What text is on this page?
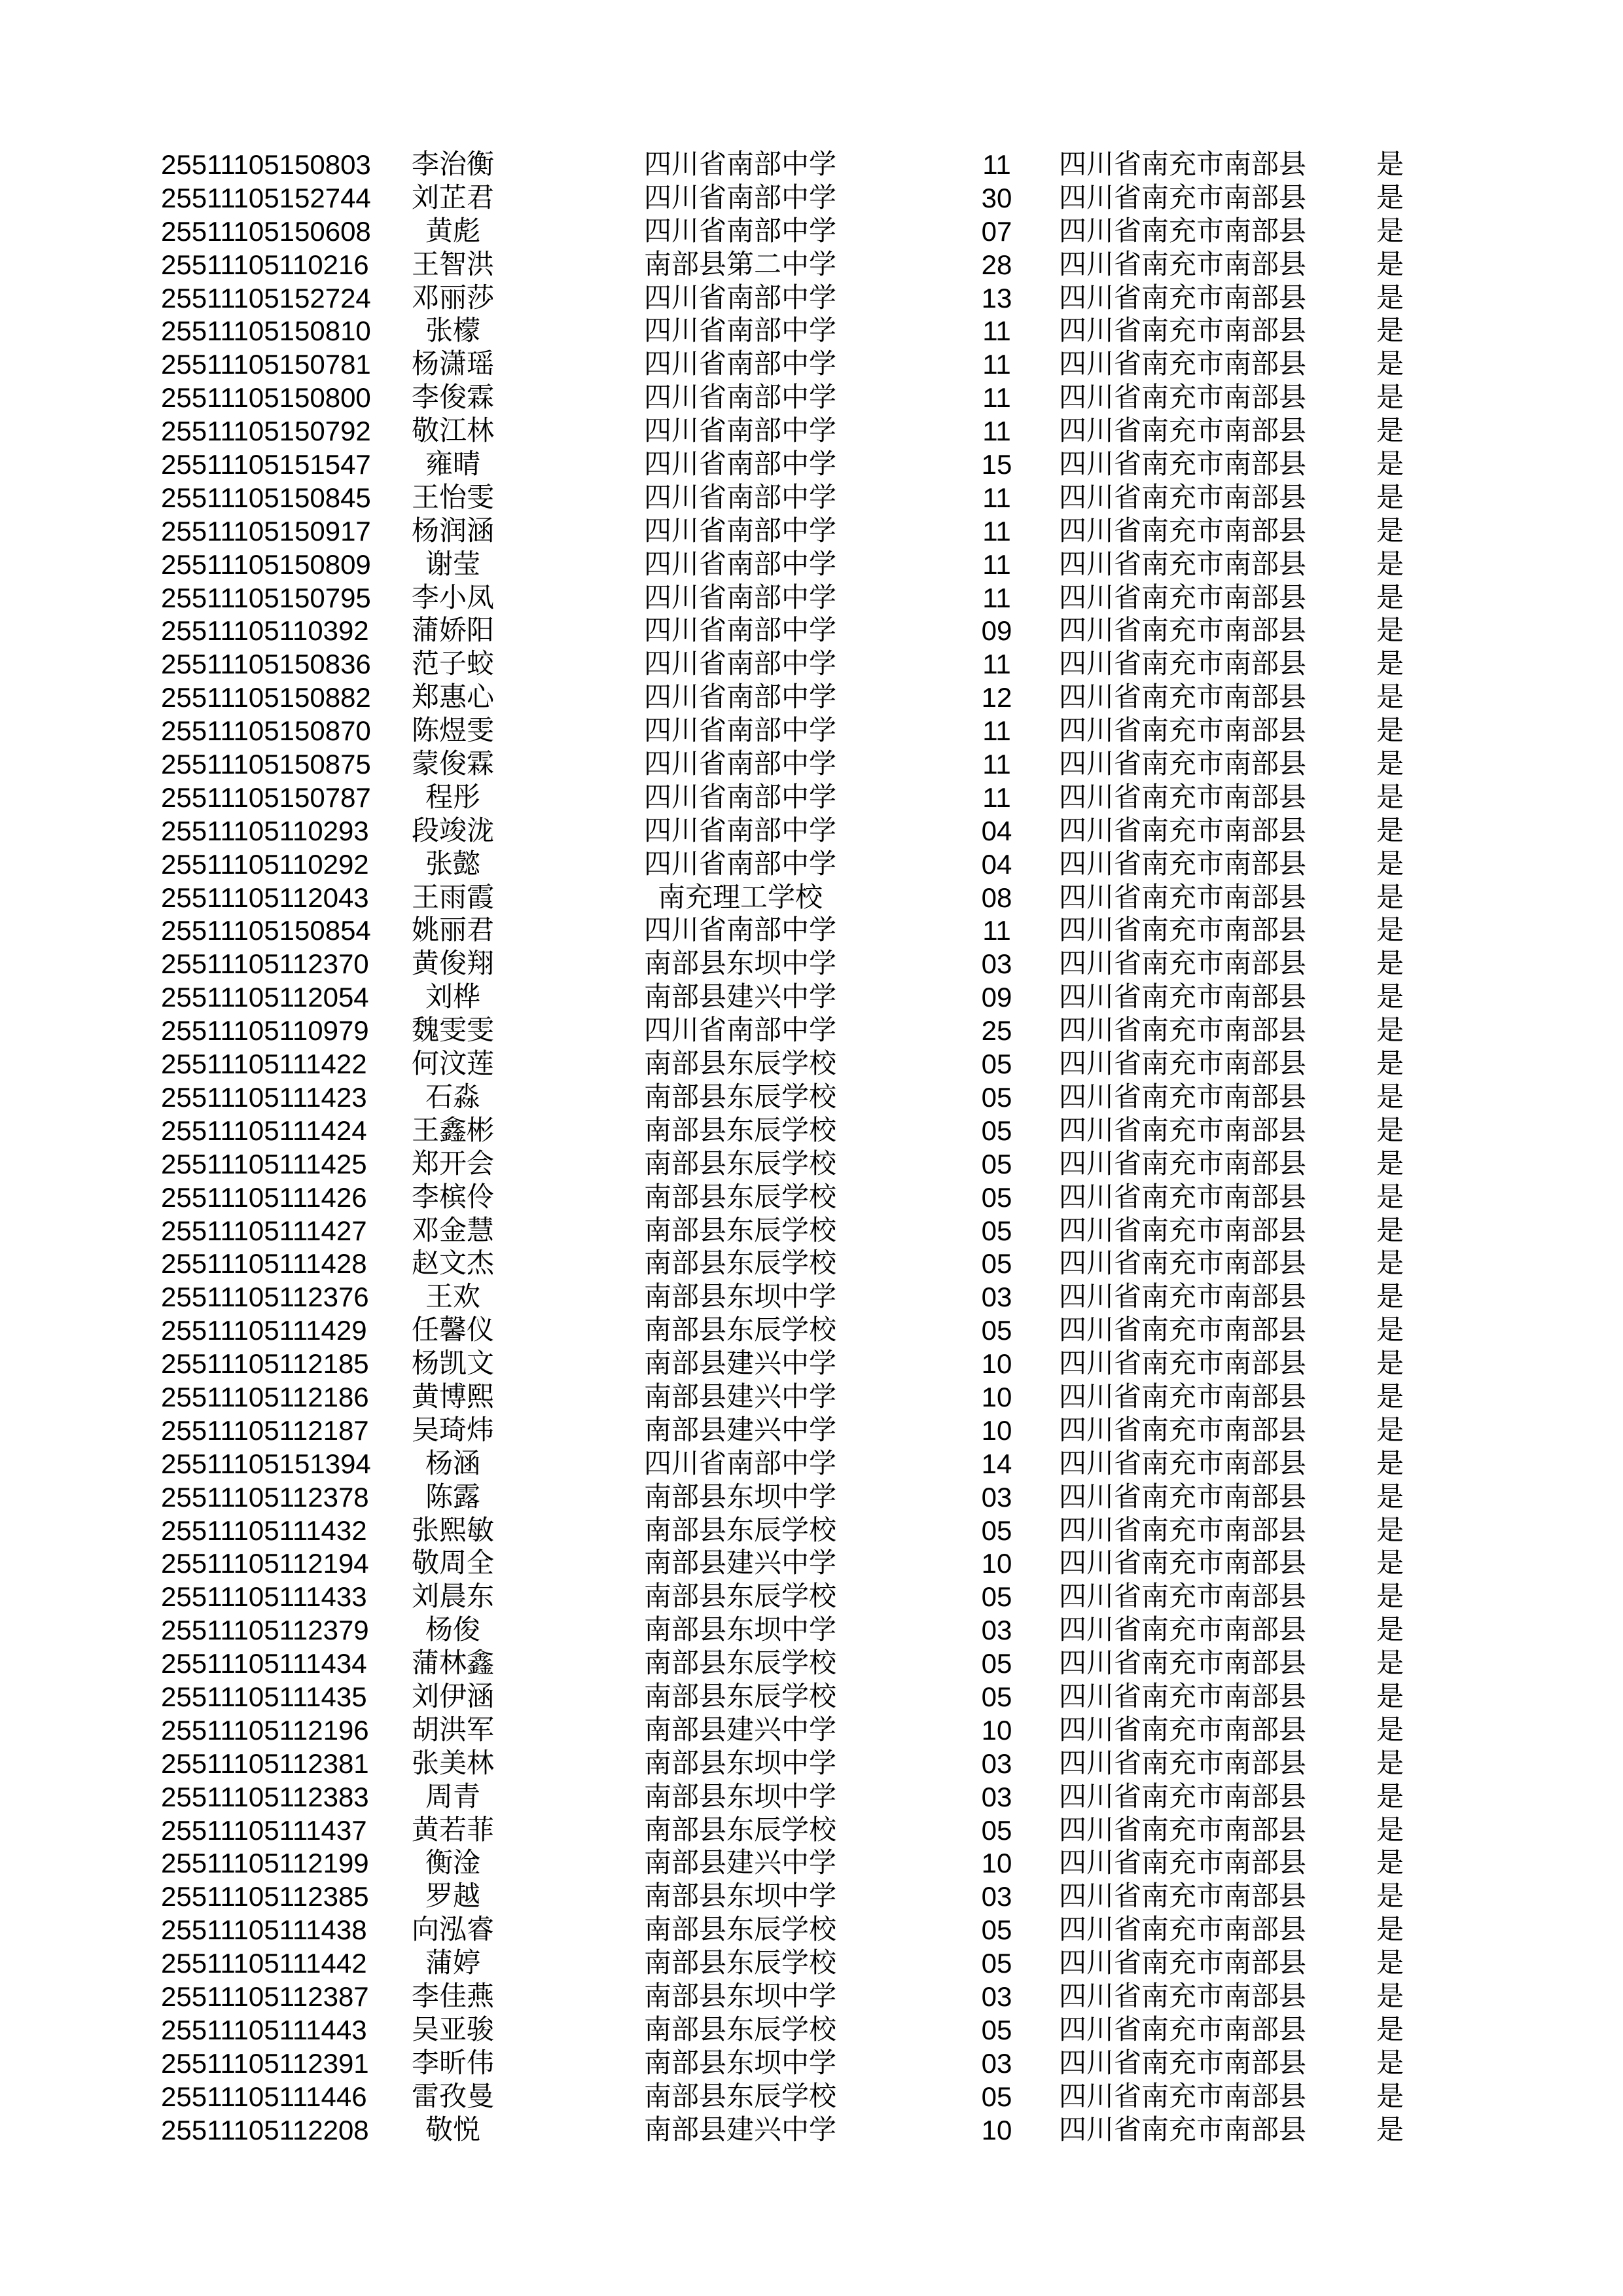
25511105150803	李治衡	四川省南部中学	11	四川省南充市南部县	是
25511105152744	刘芷君	四川省南部中学	30	四川省南充市南部县	是
25511105150608	黄彪	四川省南部中学	07	四川省南充市南部县	是
25511105110216	王智洪	南部县第二中学	28	四川省南充市南部县	是
25511105152724	邓丽莎	四川省南部中学	13	四川省南充市南部县	是
25511105150810	张檬	四川省南部中学	11	四川省南充市南部县	是
25511105150781	杨潇瑶	四川省南部中学	11	四川省南充市南部县	是
25511105150800	李俊霖	四川省南部中学	11	四川省南充市南部县	是
25511105150792	敬江林	四川省南部中学	11	四川省南充市南部县	是
25511105151547	雍晴	四川省南部中学	15	四川省南充市南部县	是
25511105150845	王怡雯	四川省南部中学	11	四川省南充市南部县	是
25511105150917	杨润涵	四川省南部中学	11	四川省南充市南部县	是
25511105150809	谢莹	四川省南部中学	11	四川省南充市南部县	是
25511105150795	李小凤	四川省南部中学	11	四川省南充市南部县	是
25511105110392	蒲娇阳	四川省南部中学	09	四川省南充市南部县	是
25511105150836	范子蛟	四川省南部中学	11	四川省南充市南部县	是
25511105150882	郑惠心	四川省南部中学	12	四川省南充市南部县	是
25511105150870	陈煜雯	四川省南部中学	11	四川省南充市南部县	是
25511105150875	蒙俊霖	四川省南部中学	11	四川省南充市南部县	是
25511105150787	程彤	四川省南部中学	11	四川省南充市南部县	是
25511105110293	段竣泷	四川省南部中学	04	四川省南充市南部县	是
25511105110292	张懿	四川省南部中学	04	四川省南充市南部县	是
25511105112043	王雨霞	南充理工学校	08	四川省南充市南部县	是
25511105150854	姚丽君	四川省南部中学	11	四川省南充市南部县	是
25511105112370	黄俊翔	南部县东坝中学	03	四川省南充市南部县	是
25511105112054	刘桦	南部县建兴中学	09	四川省南充市南部县	是
25511105110979	魏雯雯	四川省南部中学	25	四川省南充市南部县	是
25511105111422	何汶莲	南部县东辰学校	05	四川省南充市南部县	是
25511105111423	石淼	南部县东辰学校	05	四川省南充市南部县	是
25511105111424	王鑫彬	南部县东辰学校	05	四川省南充市南部县	是
25511105111425	郑开会	南部县东辰学校	05	四川省南充市南部县	是
25511105111426	李槟伶	南部县东辰学校	05	四川省南充市南部县	是
25511105111427	邓金慧	南部县东辰学校	05	四川省南充市南部县	是
25511105111428	赵文杰	南部县东辰学校	05	四川省南充市南部县	是
25511105112376	王欢	南部县东坝中学	03	四川省南充市南部县	是
25511105111429	任馨仪	南部县东辰学校	05	四川省南充市南部县	是
25511105112185	杨凯文	南部县建兴中学	10	四川省南充市南部县	是
25511105112186	黄博熙	南部县建兴中学	10	四川省南充市南部县	是
25511105112187	吴琦炜	南部县建兴中学	10	四川省南充市南部县	是
25511105151394	杨涵	四川省南部中学	14	四川省南充市南部县	是
25511105112378	陈露	南部县东坝中学	03	四川省南充市南部县	是
25511105111432	张熙敏	南部县东辰学校	05	四川省南充市南部县	是
25511105112194	敬周全	南部县建兴中学	10	四川省南充市南部县	是
25511105111433	刘晨东	南部县东辰学校	05	四川省南充市南部县	是
25511105112379	杨俊	南部县东坝中学	03	四川省南充市南部县	是
25511105111434	蒲林鑫	南部县东辰学校	05	四川省南充市南部县	是
25511105111435	刘伊涵	南部县东辰学校	05	四川省南充市南部县	是
25511105112196	胡洪军	南部县建兴中学	10	四川省南充市南部县	是
25511105112381	张美林	南部县东坝中学	03	四川省南充市南部县	是
25511105112383	周青	南部县东坝中学	03	四川省南充市南部县	是
25511105111437	黄若菲	南部县东辰学校	05	四川省南充市南部县	是
25511105112199	衡淦	南部县建兴中学	10	四川省南充市南部县	是
25511105112385	罗越	南部县东坝中学	03	四川省南充市南部县	是
25511105111438	向泓睿	南部县东辰学校	05	四川省南充市南部县	是
25511105111442	蒲婷	南部县东辰学校	05	四川省南充市南部县	是
25511105112387	李佳燕	南部县东坝中学	03	四川省南充市南部县	是
25511105111443	吴亚骏	南部县东辰学校	05	四川省南充市南部县	是
25511105112391	李昕伟	南部县东坝中学	03	四川省南充市南部县	是
25511105111446	雷孜曼	南部县东辰学校	05	四川省南充市南部县	是
25511105112208	敬悦	南部县建兴中学	10	四川省南充市南部县	是
